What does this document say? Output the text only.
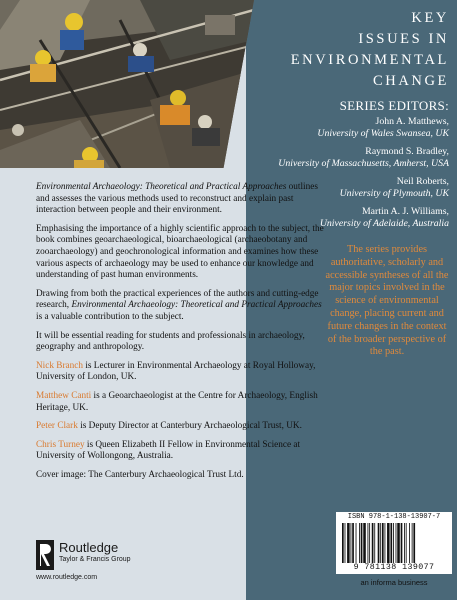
KEY
ISSUES IN
ENVIRONMENTAL
CHANGE
SERIES EDITORS:
John A. Matthews,
University of Wales Swansea, UK
Raymond S. Bradley,
University of Massachusetts, Amherst, USA
Neil Roberts,
University of Plymouth, UK
Martin A. J. Williams,
University of Adelaide, Australia
The series provides authoritative, scholarly and accessible syntheses of all the major topics involved in the science of environmental change, placing current and future changes in the context of the broader perspective of the past.

Environmental Archaeology: Theoretical and Practical Approaches outlines and assesses the various methods used to reconstruct and explain past interaction between people and their environment.

Emphasising the importance of a highly scientific approach to the subject, the book combines geoarchaeological, bioarchaeological (archaeobotany and zooarchaeology) and geochronological information and examines how these various aspects of archaeology may be used to enhance our knowledge and understanding of past human environments.

Drawing from both the practical experiences of the authors and cutting-edge research, Environmental Archaeology: Theoretical and Practical Approaches is a valuable contribution to the subject.

It will be essential reading for students and professionals in archaeology, geography and anthropology.

Nick Branch is Lecturer in Environmental Archaeology at Royal Holloway, University of London, UK.

Matthew Canti is a Geoarchaeologist at the Centre for Archaeology, English Heritage, UK.

Peter Clark is Deputy Director at Canterbury Archaeological Trust, UK.

Chris Turney is Queen Elizabeth II Fellow in Environmental Science at University of Wollongong, Australia.

Cover image: The Canterbury Archaeological Trust Ltd.

Routledge
Taylor & Francis Group
www.routledge.com
ISBN 978-1-138-13907-7
9 781138 139077
an informa business
